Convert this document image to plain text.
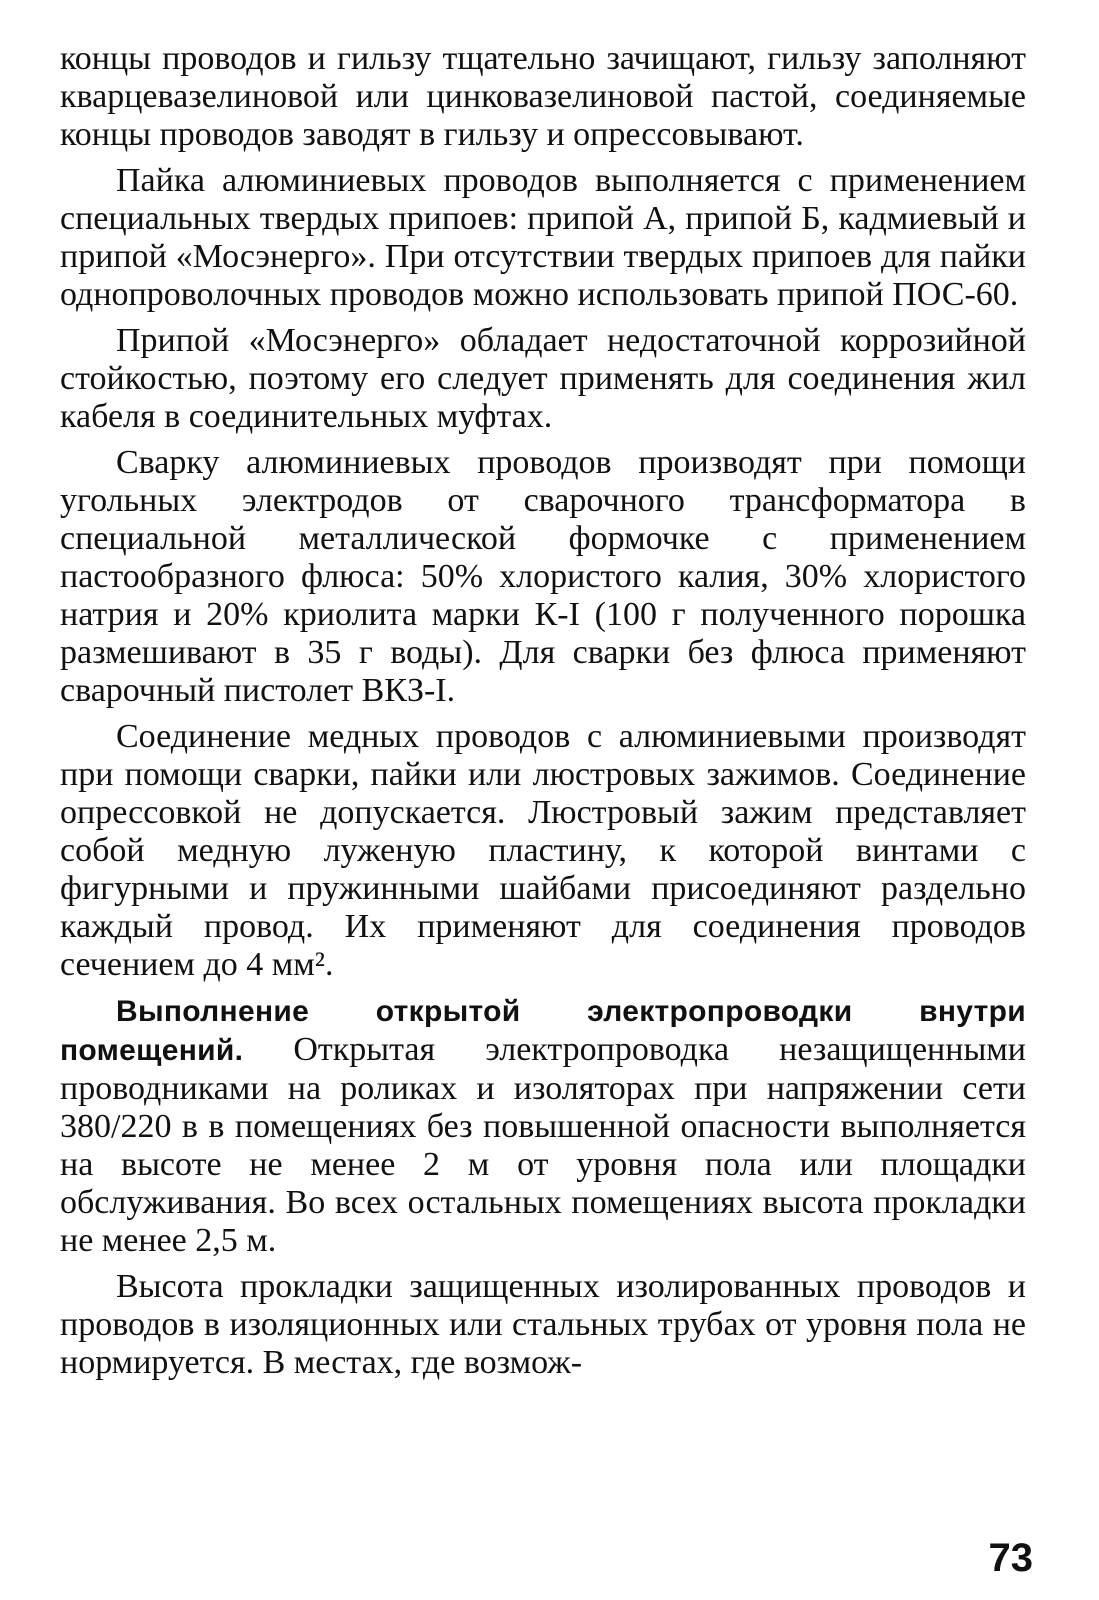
концы проводов и гильзу тщательно зачищают, гильзу заполняют кварцевазелиновой или цинковазелиновой пастой, соединяемые концы проводов заводят в гильзу и опрессовывают.

Пайка алюминиевых проводов выполняется с применением специальных твердых припоев: припой А, припой Б, кадмиевый и припой «Мосэнерго». При отсутствии твердых припоев для пайки однопроволочных проводов можно использовать припой ПОС-60.

Припой «Мосэнерго» обладает недостаточной коррозийной стойкостью, поэтому его следует применять для соединения жил кабеля в соединительных муфтах.

Сварку алюминиевых проводов производят при помощи угольных электродов от сварочного трансформатора в специальной металлической формочке с применением пастообразного флюса: 50% хлористого калия, 30% хлористого натрия и 20% криолита марки К-I (100 г полученного порошка размешивают в 35 г воды). Для сварки без флюса применяют сварочный пистолет ВКЗ-I.

Соединение медных проводов с алюминиевыми производят при помощи сварки, пайки или люстровых зажимов. Соединение опрессовкой не допускается. Люстровый зажим представляет собой медную луженую пластину, к которой винтами с фигурными и пружинными шайбами присоединяют раздельно каждый провод. Их применяют для соединения проводов сечением до 4 мм².

Выполнение открытой электропроводки внутри помещений. Открытая электропроводка незащищенными проводниками на роликах и изоляторах при напряжении сети 380/220 в в помещениях без повышенной опасности выполняется на высоте не менее 2 м от уровня пола или площадки обслуживания. Во всех остальных помещениях высота прокладки не менее 2,5 м.

Высота прокладки защищенных изолированных проводов и проводов в изоляционных или стальных трубах от уровня пола не нормируется. В местах, где возмож-

73
